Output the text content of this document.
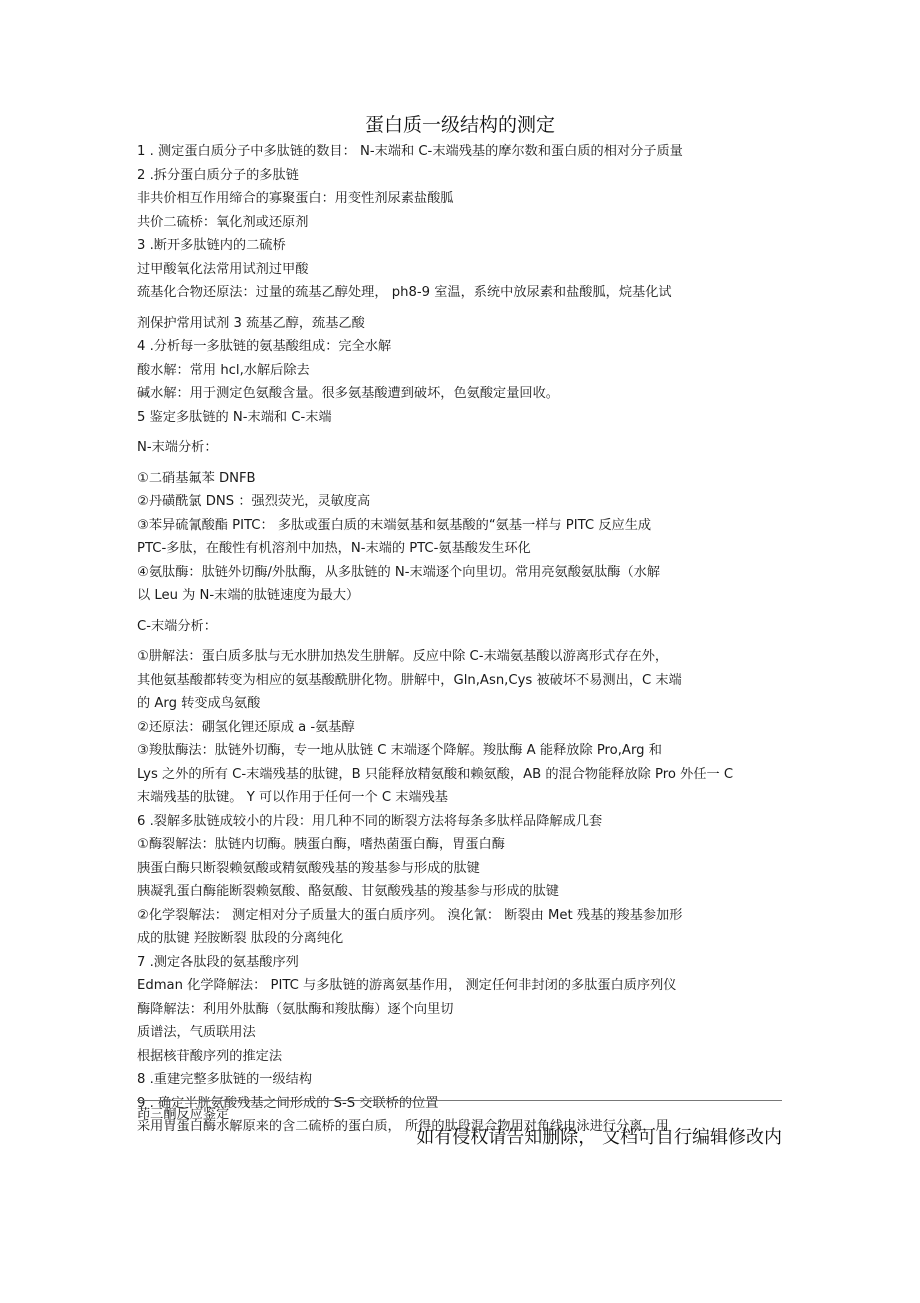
蛋白质一级结构的测定
1 . 测定蛋白质分子中多肽链的数目： N-末端和 C-末端残基的摩尔数和蛋白质的相对分子质量
2 .拆分蛋白质分子的多肽链
非共价相互作用缔合的寡聚蛋白：用变性剂尿素盐酸胍
共价二硫桥：氧化剂或还原剂
3 .断开多肽链内的二硫桥
过甲酸氧化法常用试剂过甲酸
巯基化合物还原法：过量的巯基乙醇处理， ph8-9 室温，系统中放尿素和盐酸胍，烷基化试
剂保护常用试剂 3 巯基乙醇，巯基乙酸
4 .分析每一多肽链的氨基酸组成：完全水解
酸水解：常用 hcl,水解后除去
碱水解：用于测定色氨酸含量。很多氨基酸遭到破坏，色氨酸定量回收。
5 鉴定多肽链的 N-末端和 C-末端
N-末端分析：
①二硝基氟苯 DNFB
②丹磺酰氯 DNS ：强烈荧光，灵敏度高
③苯异硫氰酸酯 PITC： 多肽或蛋白质的末端氨基和氨基酸的“氨基一样与 PITC 反应生成
PTC-多肽，在酸性有机溶剂中加热，N-末端的 PTC-氨基酸发生环化
④氨肽酶：肽链外切酶/外肽酶，从多肽链的 N-末端逐个向里切。常用亮氨酸氨肽酶（水解
以 Leu 为 N-末端的肽链速度为最大）
C-末端分析：
①肼解法：蛋白质多肽与无水肼加热发生肼解。反应中除 C-末端氨基酸以游离形式存在外，
其他氨基酸都转变为相应的氨基酸酰肼化物。肼解中，Gln,Asn,Cys 被破坏不易测出，C 末端
的 Arg 转变成鸟氨酸
②还原法：硼氢化锂还原成 a -氨基醇
③羧肽酶法：肽链外切酶，专一地从肽链 C 末端逐个降解。羧肽酶 A 能释放除 Pro,Arg 和
Lys 之外的所有 C-末端残基的肽键，B 只能释放精氨酸和赖氨酸，AB 的混合物能释放除 Pro 外任一 C
末端残基的肽键。 Y 可以作用于任何一个 C 末端残基
6 .裂解多肽链成较小的片段：用几种不同的断裂方法将每条多肽样品降解成几套
①酶裂解法：肽链内切酶。胰蛋白酶，嗜热菌蛋白酶，胃蛋白酶
胰蛋白酶只断裂赖氨酸或精氨酸残基的羧基参与形成的肽键
胰凝乳蛋白酶能断裂赖氨酸、酪氨酸、甘氨酸残基的羧基参与形成的肽键
②化学裂解法： 测定相对分子质量大的蛋白质序列。 溴化氰： 断裂由 Met 残基的羧基参加形
成的肽键 羟胺断裂 肽段的分离纯化
7 .测定各肽段的氨基酸序列
Edman 化学降解法： PITC 与多肽链的游离氨基作用， 测定任何非封闭的多肽蛋白质序列仪
酶降解法：利用外肽酶（氨肽酶和羧肽酶）逐个向里切
质谱法，气质联用法
根据核苷酸序列的推定法
8 .重建完整多肽链的一级结构
9 . 确定半胱氨酸残基之间形成的 S-S 交联桥的位置
采用胃蛋白酶水解原来的含二硫桥的蛋白质， 所得的肽段混合物用对角线电泳进行分离，用
茚三酮反应鉴定
如有侵权请告知删除， 文档可自行编辑修改内
